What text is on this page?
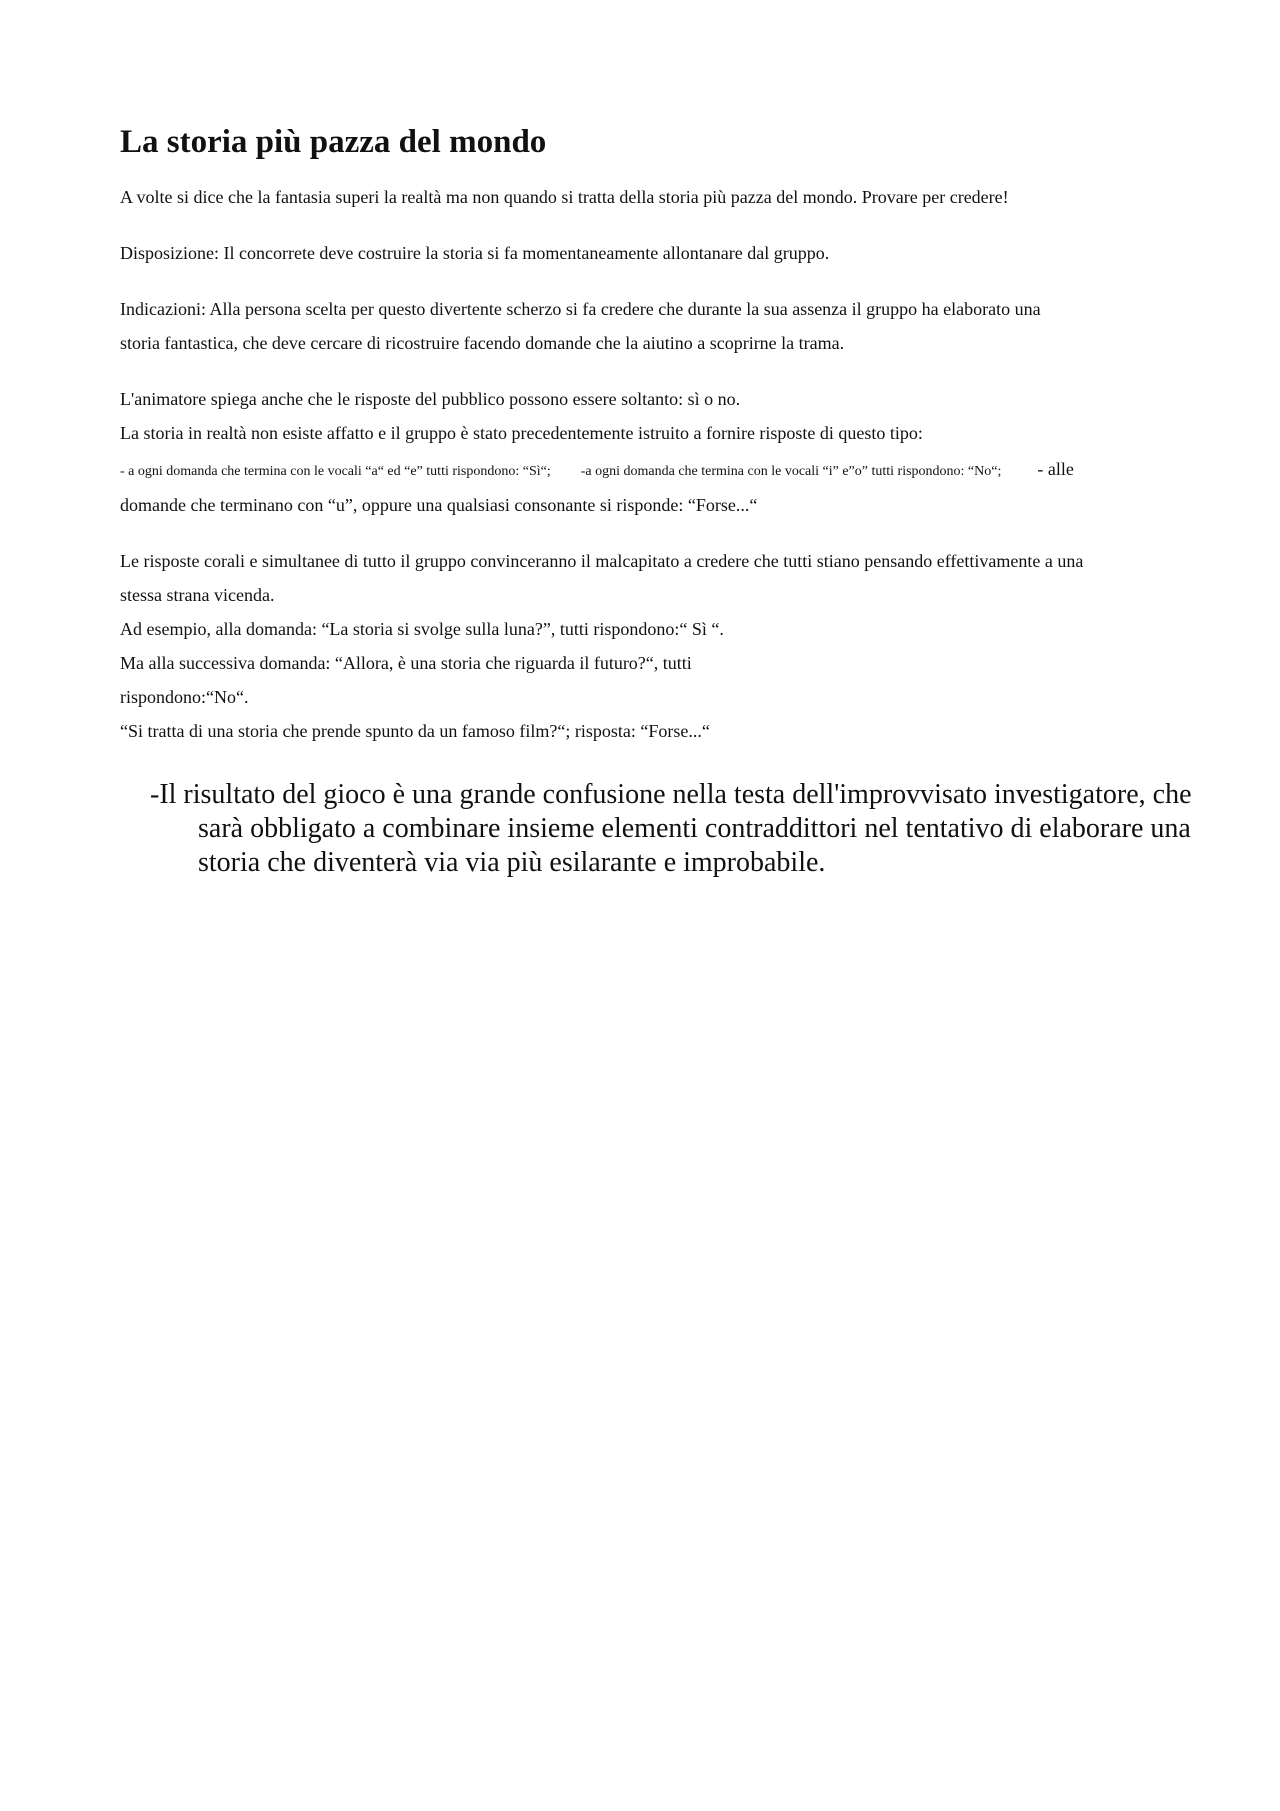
La storia più pazza del mondo

A volte si dice che la fantasia superi la realtà ma non quando si tratta della storia più pazza del mondo. Provare per credere!

Disposizione: Il concorrete deve costruire la storia si fa momentaneamente allontanare dal gruppo.

Indicazioni: Alla persona scelta per questo divertente scherzo si fa credere che durante la sua assenza il gruppo ha elaborato una

storia fantastica, che deve cercare di ricostruire facendo domande che la aiutino a scoprirne la trama.

L'animatore spiega anche che le risposte del pubblico possono essere soltanto: sì o no.

La storia in realtà non esiste affatto e il gruppo è stato precedentemente istruito a fornire risposte di questo tipo:

- a ogni domanda che termina con le vocali “a“ ed “e” tutti rispondono: “Sì“; -a ogni domanda che termina con le vocali “i” e”o” tutti rispondono: “No“; - alle

domande che terminano con “u”, oppure una qualsiasi consonante si risponde: “Forse...“

Le risposte corali e simultanee di tutto il gruppo convinceranno il malcapitato a credere che tutti stiano pensando effettivamente a una

stessa strana vicenda.

Ad esempio, alla domanda: “La storia si svolge sulla luna?”, tutti rispondono:“ Sì “.

Ma alla successiva domanda: “Allora, è una storia che riguarda il futuro?“, tutti

rispondono:“No“.

“Si tratta di una storia che prende spunto da un famoso film?“; risposta: “Forse...“

-Il risultato del gioco è una grande confusione nella testa dell'improvvisato investigatore, che sarà obbligato a combinare insieme elementi contraddittori nel tentativo di elaborare una storia che diventerà via via più esilarante e improbabile.
